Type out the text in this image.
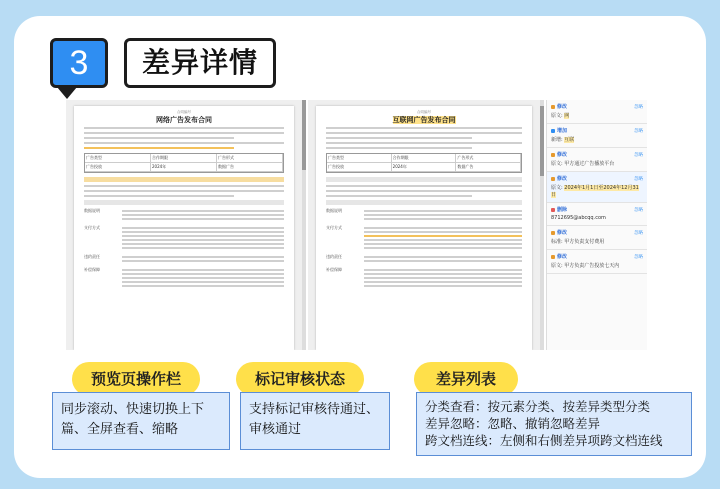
3	差异详情
合同编号
网络广告发布合同
广告类型	合作期限	广告形式
广告投放	2024年	数据广告
数据说明
支付方式
违约责任
补偿保障
合同编号
互联网广告发布合同
广告类型	合作期限	广告形式
广告投放	2024年	数据广告
数据说明
支付方式
违约责任
补偿保障
修改	忽略
原文: 网
增加	忽略
新增: 互联
修改	忽略
原文: 甲方通过广告播放平台
修改	忽略
原文: 2024年1月1日至2024年12月31日
删除	忽略
8712695@abcqq.com
修改	忽略
标准: 甲方负责支付费用
修改	忽略
原文: 甲方负责广告投放七天内
预览页操作栏	标记审核状态	差异列表
同步滚动、快速切换上下篇、全屏查看、缩略
支持标记审核待通过、审核通过
分类查看：按元素分类、按差异类型分类
差异忽略：忽略、撤销忽略差异
跨文档连线：左侧和右侧差异项跨文档连线
